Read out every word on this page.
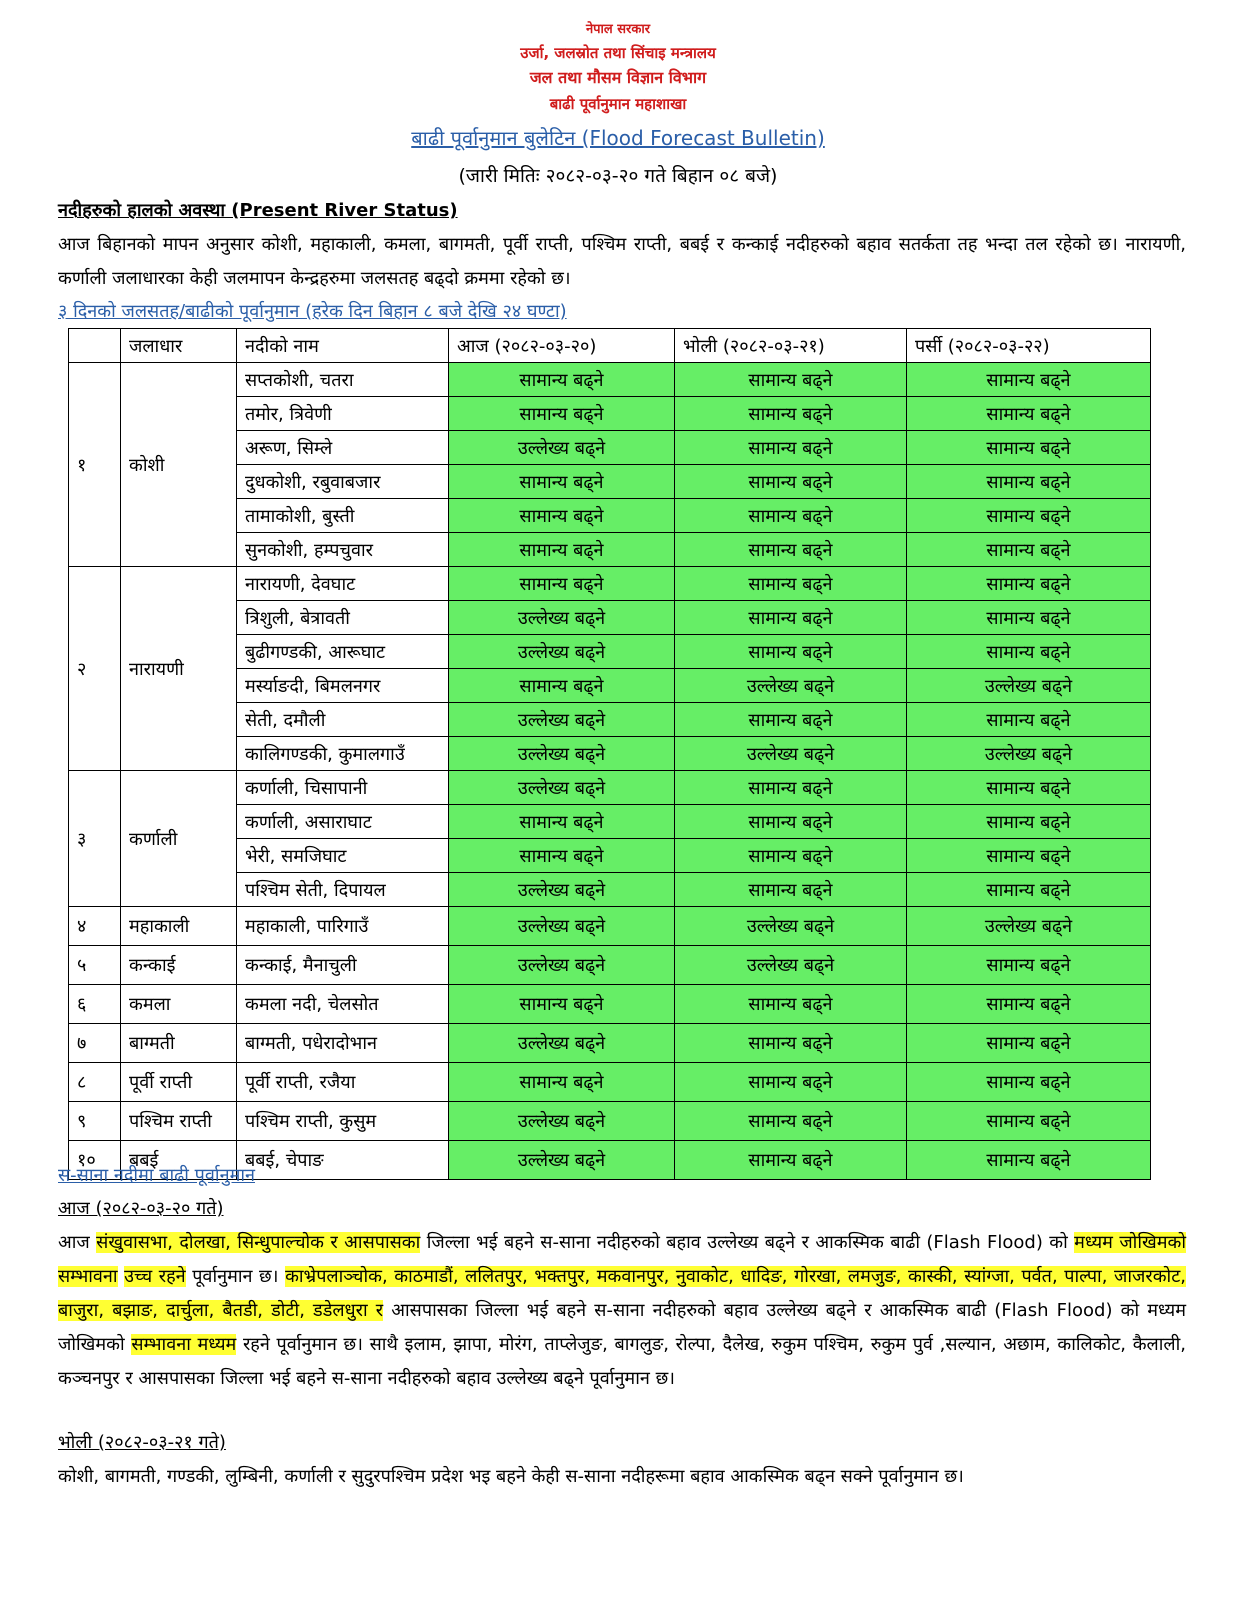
नेपाल सरकार
उर्जा, जलस्रोत तथा सिंचाइ मन्त्रालय
जल तथा मौसम विज्ञान विभाग
बाढी पूर्वानुमान महाशाखा
बाढी पूर्वानुमान बुलेटिन (Flood Forecast Bulletin)
(जारी मितिः २०८२-०३-२० गते बिहान ०८ बजे)
नदीहरुको हालको अवस्था (Present River Status)
आज बिहानको मापन अनुसार कोशी, महाकाली, कमला, बागमती, पूर्वी राप्ती, पश्चिम राप्ती, बबई र कन्काई नदीहरुको बहाव सतर्कता तह भन्दा तल रहेको छ। नारायणी, कर्णाली जलाधारका केही जलमापन केन्द्रहरुमा जलसतह बढ्दो क्रममा रहेको छ।
३ दिनको जलसतह/बाढीको पूर्वानुमान (हरेक दिन बिहान ८ बजे देखि २४ घण्टा)
	जलाधार	नदीको नाम	आज (२०८२-०३-२०)	भोली (२०८२-०३-२१)	पर्सी (२०८२-०३-२२)
१	कोशी	सप्तकोशी, चतरा	सामान्य बढ्ने	सामान्य बढ्ने	सामान्य बढ्ने
		तमोर, त्रिवेणी	सामान्य बढ्ने	सामान्य बढ्ने	सामान्य बढ्ने
		अरूण, सिम्ले	उल्लेख्य बढ्ने	सामान्य बढ्ने	सामान्य बढ्ने
		दुधकोशी, रबुवाबजार	सामान्य बढ्ने	सामान्य बढ्ने	सामान्य बढ्ने
		तामाकोशी, बुस्ती	सामान्य बढ्ने	सामान्य बढ्ने	सामान्य बढ्ने
		सुनकोशी, हम्पचुवार	सामान्य बढ्ने	सामान्य बढ्ने	सामान्य बढ्ने
२	नारायणी	नारायणी, देवघाट	सामान्य बढ्ने	सामान्य बढ्ने	सामान्य बढ्ने
		त्रिशुली, बेत्रावती	उल्लेख्य बढ्ने	सामान्य बढ्ने	सामान्य बढ्ने
		बुढीगण्डकी, आरूघाट	उल्लेख्य बढ्ने	सामान्य बढ्ने	सामान्य बढ्ने
		मर्स्याङदी, बिमलनगर	सामान्य बढ्ने	उल्लेख्य बढ्ने	उल्लेख्य बढ्ने
		सेती, दमौली	उल्लेख्य बढ्ने	सामान्य बढ्ने	सामान्य बढ्ने
		कालिगण्डकी, कुमालगाउँ	उल्लेख्य बढ्ने	उल्लेख्य बढ्ने	उल्लेख्य बढ्ने
३	कर्णाली	कर्णाली, चिसापानी	उल्लेख्य बढ्ने	सामान्य बढ्ने	सामान्य बढ्ने
		कर्णाली, असाराघाट	सामान्य बढ्ने	सामान्य बढ्ने	सामान्य बढ्ने
		भेरी, समजिघाट	सामान्य बढ्ने	सामान्य बढ्ने	सामान्य बढ्ने
		पश्चिम सेती, दिपायल	उल्लेख्य बढ्ने	सामान्य बढ्ने	सामान्य बढ्ने
४	महाकाली	महाकाली, पारिगाउँ	उल्लेख्य बढ्ने	उल्लेख्य बढ्ने	उल्लेख्य बढ्ने
५	कन्काई	कन्काई, मैनाचुली	उल्लेख्य बढ्ने	उल्लेख्य बढ्ने	सामान्य बढ्ने
६	कमला	कमला नदी, चेलसोत	सामान्य बढ्ने	सामान्य बढ्ने	सामान्य बढ्ने
७	बाग्मती	बाग्मती, पधेरादोभान	उल्लेख्य बढ्ने	सामान्य बढ्ने	सामान्य बढ्ने
८	पूर्वी राप्ती	पूर्वी राप्ती, रजैया	सामान्य बढ्ने	सामान्य बढ्ने	सामान्य बढ्ने
९	पश्चिम राप्ती	पश्चिम राप्ती, कुसुम	उल्लेख्य बढ्ने	सामान्य बढ्ने	सामान्य बढ्ने
१०	बबई	बबई, चेपाङ	उल्लेख्य बढ्ने	सामान्य बढ्ने	सामान्य बढ्ने
स-साना नदीमा बाढी पूर्वानुमान
आज (२०८२-०३-२० गते)
आज संखुवासभा, दोलखा, सिन्धुपाल्चोक र आसपासका जिल्ला भई बहने स-साना नदीहरुको बहाव उल्लेख्य बढ्ने र आकस्मिक बाढी (Flash Flood) को मध्यम जोखिमको सम्भावना उच्च रहने पूर्वानुमान छ। काभ्रेपलाञ्चोक, काठमाडौं, ललितपुर, भक्तपुर, मकवानपुर, नुवाकोट, धादिङ, गोरखा, लमजुङ, कास्की, स्यांग्जा, पर्वत, पाल्पा, जाजरकोट, बाजुरा, बझाङ, दार्चुला, बैतडी, डोटी, डडेलधुरा र आसपासका जिल्ला भई बहने स-साना नदीहरुको बहाव उल्लेख्य बढ्ने र आकस्मिक बाढी (Flash Flood) को मध्यम जोखिमको सम्भावना मध्यम रहने पूर्वानुमान छ। साथै इलाम, झापा, मोरंग, ताप्लेजुङ, बागलुङ, रोल्पा, दैलेख, रुकुम पश्चिम, रुकुम पुर्व ,सल्यान, अछाम, कालिकोट, कैलाली, कञ्चनपुर र आसपासका जिल्ला भई बहने स-साना नदीहरुको बहाव उल्लेख्य बढ्ने पूर्वानुमान छ।
भोली (२०८२-०३-२१ गते)
कोशी, बागमती, गण्डकी, लुम्बिनी, कर्णाली र सुदुरपश्चिम प्रदेश भइ बहने केही स-साना नदीहरूमा बहाव आकस्मिक बढ्न सक्ने पूर्वानुमान छ।
